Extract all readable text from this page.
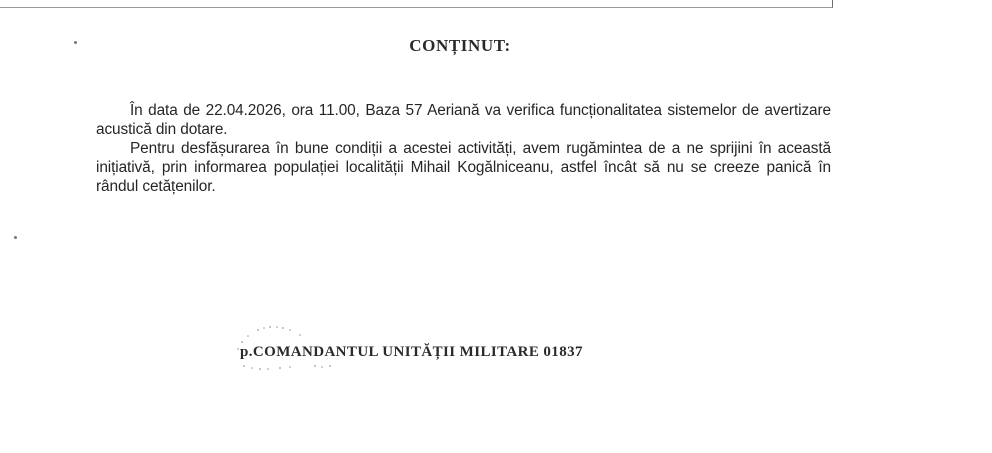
CONȚINUT:

În data de 22.04.2026, ora 11.00, Baza 57 Aeriană va verifica funcționalitatea sistemelor de avertizare acustică din dotare.

Pentru desfășurarea în bune condiții a acestei activități, avem rugămintea de a ne sprijini în această inițiativă, prin informarea populației localității Mihail Kogălniceanu, astfel încât să nu se creeze panică în rândul cetățenilor.

p.COMANDANTUL UNITĂȚII MILITARE 01837
